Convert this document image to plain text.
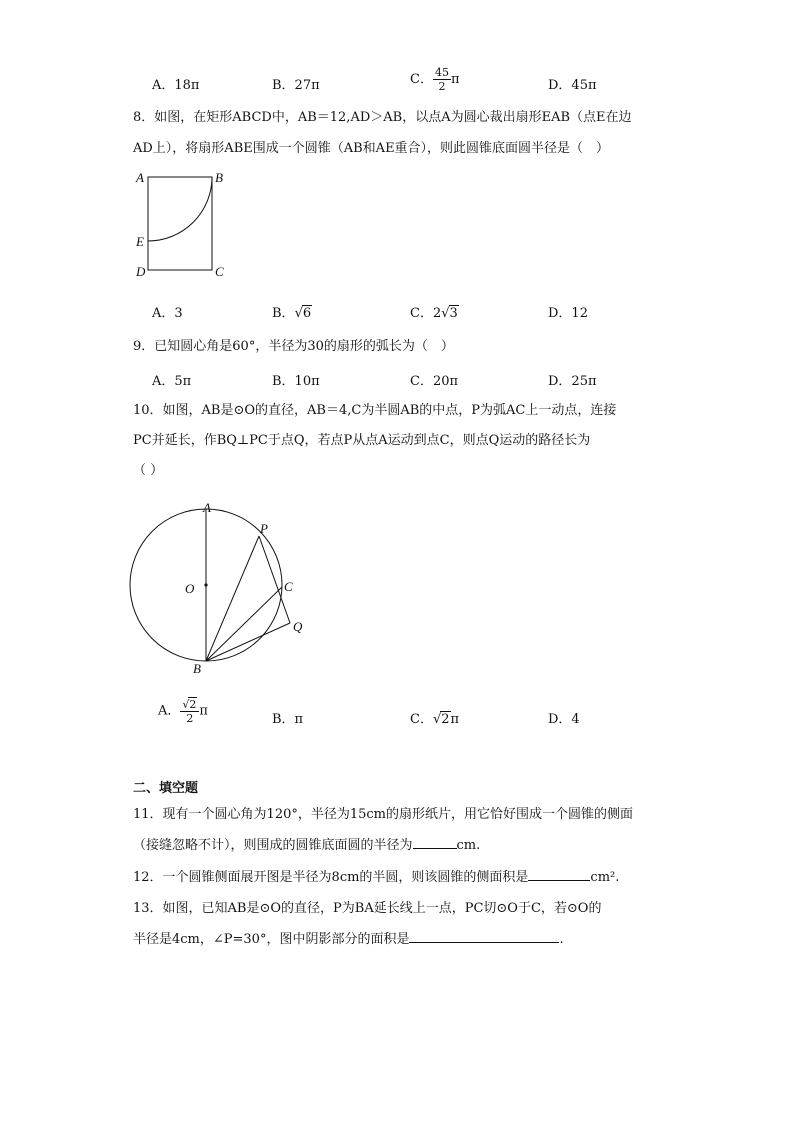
A．18π	B．27π	C． $\frac{45}{2}$ π	D．45π
8．如图，在矩形ABCD中，AB＝12,AD＞AB，以点A为圆心裁出扇形EAB（点E在边
AD上），将扇形ABE围成一个圆锥（AB和AE重合），则此圆锥底面圆半径是（　）
A	B
E
D	C
A．3	B．√6	C．2√3	D．12
9．已知圆心角是60°，半径为30的扇形的弧长为（　）
A．5π	B．10π	C．20π	D．25π
10．如图，AB是⊙O的直径，AB＝4,C为半圆AB的中点，P为弧AC上一动点，连接
PC并延长，作BQ⊥PC于点Q，若点P从点A运动到点C，则点Q运动的路径长为
（ ）
A
P
O	C
Q
B
A． $\frac{√2}{2}$ π
B．π	C．√2π	D．4
二、填空题
11．现有一个圆心角为120°，半径为15cm的扇形纸片，用它恰好围成一个圆锥的侧面
（接缝忽略不计），则围成的圆锥底面圆的半径为	cm.
12．一个圆锥侧面展开图是半径为8cm的半圆，则该圆锥的侧面积是	cm².
13．如图，已知AB是⊙O的直径，P为BA延长线上一点，PC切⊙O于C，若⊙O的
半径是4cm，∠P=30°，图中阴影部分的面积是	.
